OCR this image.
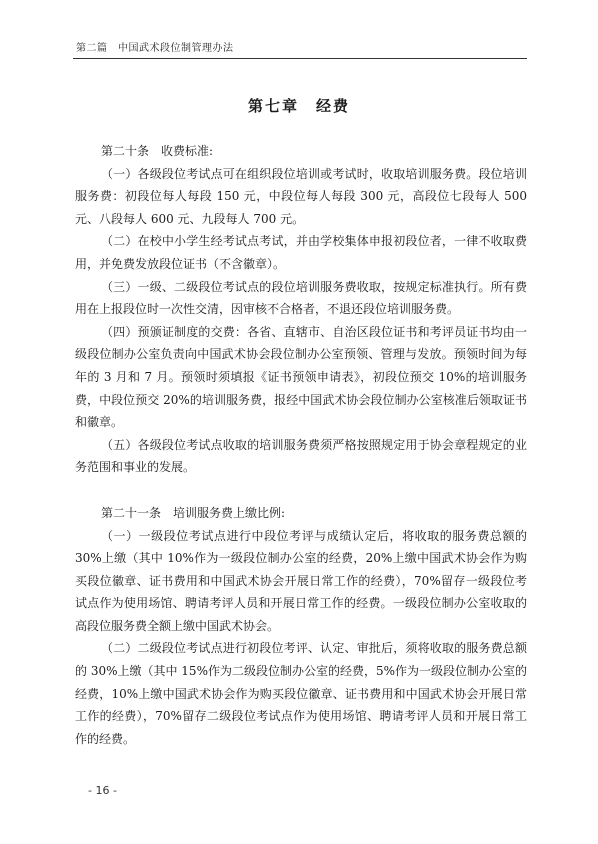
第二篇　中国武术段位制管理办法
第七章　经费
第二十条　收费标准:

（一）各级段位考试点可在组织段位培训或考试时，收取培训服务费。段位培训服务费：初段位每人每段 150 元，中段位每人每段 300 元，高段位七段每人 500 元、八段每人 600 元、九段每人 700 元。

（二）在校中小学生经考试点考试，并由学校集体申报初段位者，一律不收取费用，并免费发放段位证书（不含徽章）。

（三）一级、二级段位考试点的段位培训服务费收取，按规定标准执行。所有费用在上报段位时一次性交清，因审核不合格者，不退还段位培训服务费。

（四）预颁证制度的交费：各省、直辖市、自治区段位证书和考评员证书均由一级段位制办公室负责向中国武术协会段位制办公室预领、管理与发放。预领时间为每年的 3 月和 7 月。预领时须填报《证书预领申请表》，初段位预交 10%的培训服务费，中段位预交 20%的培训服务费，报经中国武术协会段位制办公室核准后领取证书和徽章。

（五）各级段位考试点收取的培训服务费须严格按照规定用于协会章程规定的业务范围和事业的发展。

第二十一条　培训服务费上缴比例:

（一）一级段位考试点进行中段位考评与成绩认定后，将收取的服务费总额的 30%上缴（其中 10%作为一级段位制办公室的经费，20%上缴中国武术协会作为购买段位徽章、证书费用和中国武术协会开展日常工作的经费），70%留存一级段位考试点作为使用场馆、聘请考评人员和开展日常工作的经费。一级段位制办公室收取的高段位服务费全额上缴中国武术协会。

（二）二级段位考试点进行初段位考评、认定、审批后，须将收取的服务费总额的 30%上缴（其中 15%作为二级段位制办公室的经费，5%作为一级段位制办公室的经费，10%上缴中国武术协会作为购买段位徽章、证书费用和中国武术协会开展日常工作的经费），70%留存二级段位考试点作为使用场馆、聘请考评人员和开展日常工作的经费。

- 16 -
